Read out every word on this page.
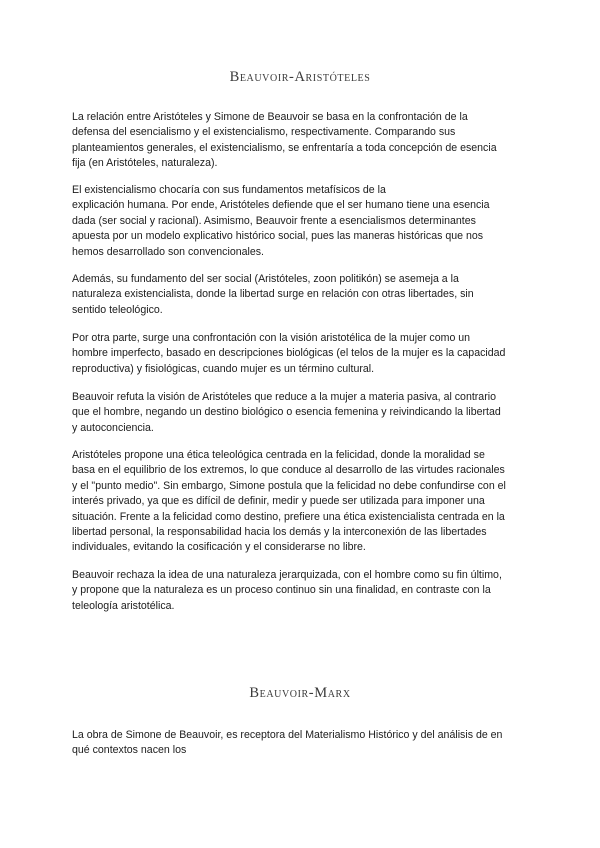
Beauvoir-Aristóteles

La relación entre Aristóteles y Simone de Beauvoir se basa en la confrontación de la
defensa del esencialismo y el existencialismo, respectivamente. Comparando sus
planteamientos generales, el existencialismo, se enfrentaría a toda concepción de esencia
fija (en Aristóteles, naturaleza).

El existencialismo chocaría con sus fundamentos metafísicos de la
explicación humana. Por ende, Aristóteles defiende que el ser humano tiene una esencia
dada (ser social y racional). Asimismo, Beauvoir frente a esencialismos determinantes
apuesta por un modelo explicativo histórico social, pues las maneras históricas que nos
hemos desarrollado son convencionales.

Además, su fundamento del ser social (Aristóteles, zoon politikón) se asemeja a la
naturaleza existencialista, donde la libertad surge en relación con otras libertades, sin
sentido teleológico.

Por otra parte, surge una confrontación con la visión aristotélica de la mujer como un
hombre imperfecto, basado en descripciones biológicas (el telos de la mujer es la capacidad
reproductiva) y fisiológicas, cuando mujer es un término cultural.

Beauvoir refuta la visión de Aristóteles que reduce a la mujer a materia pasiva, al contrario
que el hombre, negando un destino biológico o esencia femenina y reivindicando la libertad
y autoconciencia.

Aristóteles propone una ética teleológica centrada en la felicidad, donde la moralidad se
basa en el equilibrio de los extremos, lo que conduce al desarrollo de las virtudes racionales
y el "punto medio". Sin embargo, Simone postula que la felicidad no debe confundirse con el
interés privado, ya que es difícil de definir, medir y puede ser utilizada para imponer una
situación. Frente a la felicidad como destino, prefiere una ética existencialista centrada en la
libertad personal, la responsabilidad hacia los demás y la interconexión de las libertades
individuales, evitando la cosificación y el considerarse no libre.

Beauvoir rechaza la idea de una naturaleza jerarquizada, con el hombre como su fin último,
y propone que la naturaleza es un proceso continuo sin una finalidad, en contraste con la
teleología aristotélica.

Beauvoir-Marx

La obra de Simone de Beauvoir, es receptora del Materialismo Histórico y del análisis de en
qué contextos nacen los
